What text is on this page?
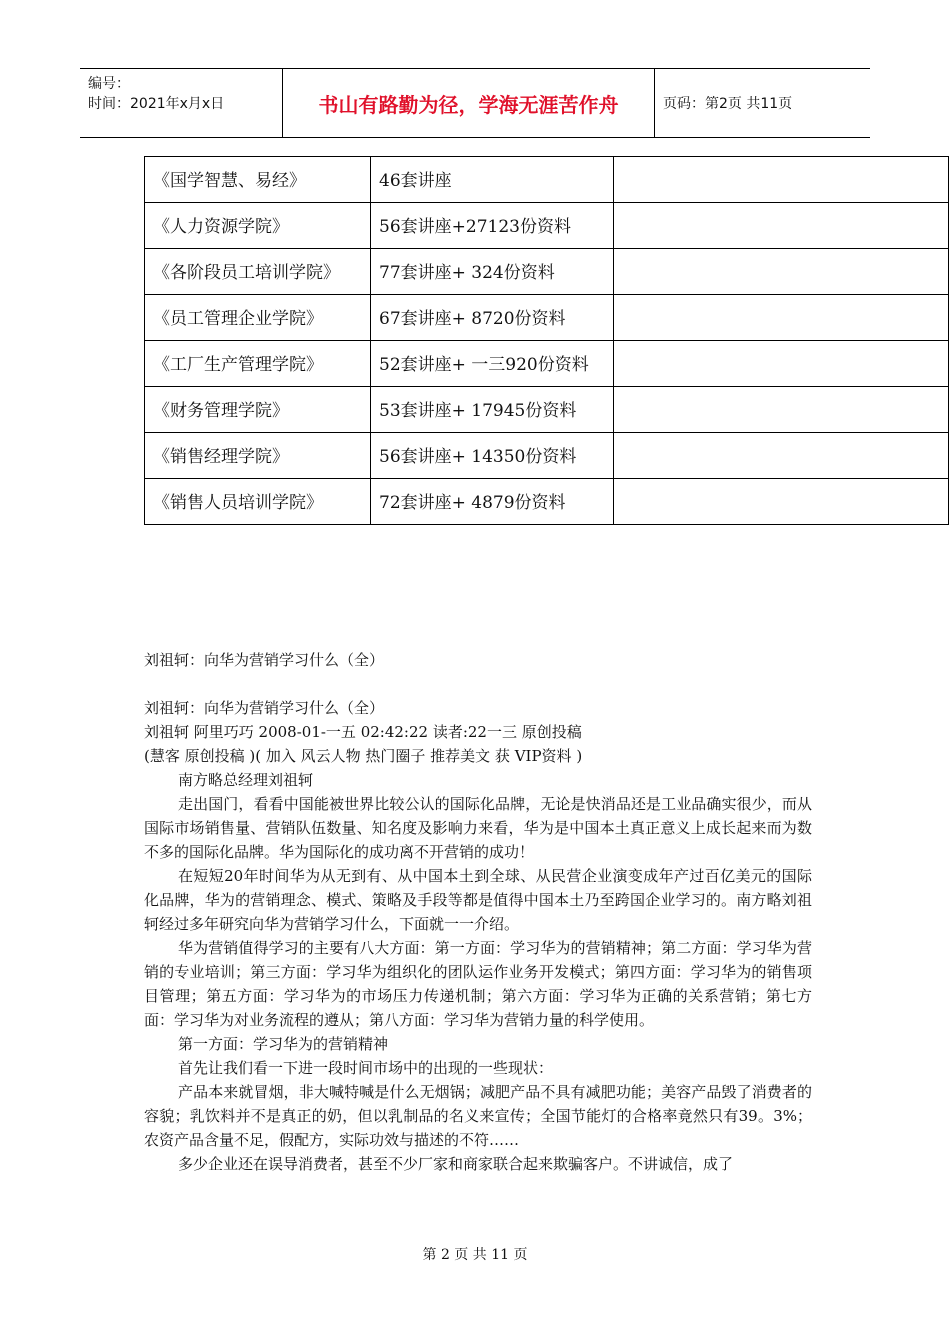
编号：
时间：2021年x月x日	书山有路勤为径，学海无涯苦作舟	页码：第2页 共11页
《国学智慧、易经》	46套讲座	
《人力资源学院》	56套讲座+27123份资料	
《各阶段员工培训学院》	77套讲座+ 324份资料	
《员工管理企业学院》	67套讲座+ 8720份资料	
《工厂生产管理学院》	52套讲座+ 一三920份资料	
《财务管理学院》	53套讲座+ 17945份资料	
《销售经理学院》	56套讲座+ 14350份资料	
《销售人员培训学院》	72套讲座+ 4879份资料	

刘祖轲：向华为营销学习什么（全）

刘祖轲：向华为营销学习什么（全）

刘祖轲 阿里巧巧 2008-01-一五 02:42:22 读者:22一三 原创投稿

(慧客 原创投稿 )( 加入 风云人物 热门圈子 推荐美文 获 VIP资料 )

南方略总经理刘祖轲

走出国门，看看中国能被世界比较公认的国际化品牌，无论是快消品还是工业品确实很少，而从国际市场销售量、营销队伍数量、知名度及影响力来看，华为是中国本土真正意义上成长起来而为数不多的国际化品牌。华为国际化的成功离不开营销的成功！

在短短20年时间华为从无到有、从中国本土到全球、从民营企业演变成年产过百亿美元的国际化品牌，华为的营销理念、模式、策略及手段等都是值得中国本土乃至跨国企业学习的。南方略刘祖轲经过多年研究向华为营销学习什么，下面就一一介绍。

华为营销值得学习的主要有八大方面：第一方面：学习华为的营销精神；第二方面：学习华为营销的专业培训；第三方面：学习华为组织化的团队运作业务开发模式；第四方面：学习华为的销售项目管理；第五方面：学习华为的市场压力传递机制；第六方面：学习华为正确的关系营销；第七方面：学习华为对业务流程的遵从；第八方面：学习华为营销力量的科学使用。

第一方面：学习华为的营销精神

首先让我们看一下进一段时间市场中的出现的一些现状：

产品本来就冒烟，非大喊特喊是什么无烟锅；减肥产品不具有减肥功能；美容产品毁了消费者的容貌；乳饮料并不是真正的奶，但以乳制品的名义来宣传；全国节能灯的合格率竟然只有39。3%；农资产品含量不足，假配方，实际功效与描述的不符……

多少企业还在误导消费者，甚至不少厂家和商家联合起来欺骗客户。不讲诚信，成了

第 2 页 共 11 页
